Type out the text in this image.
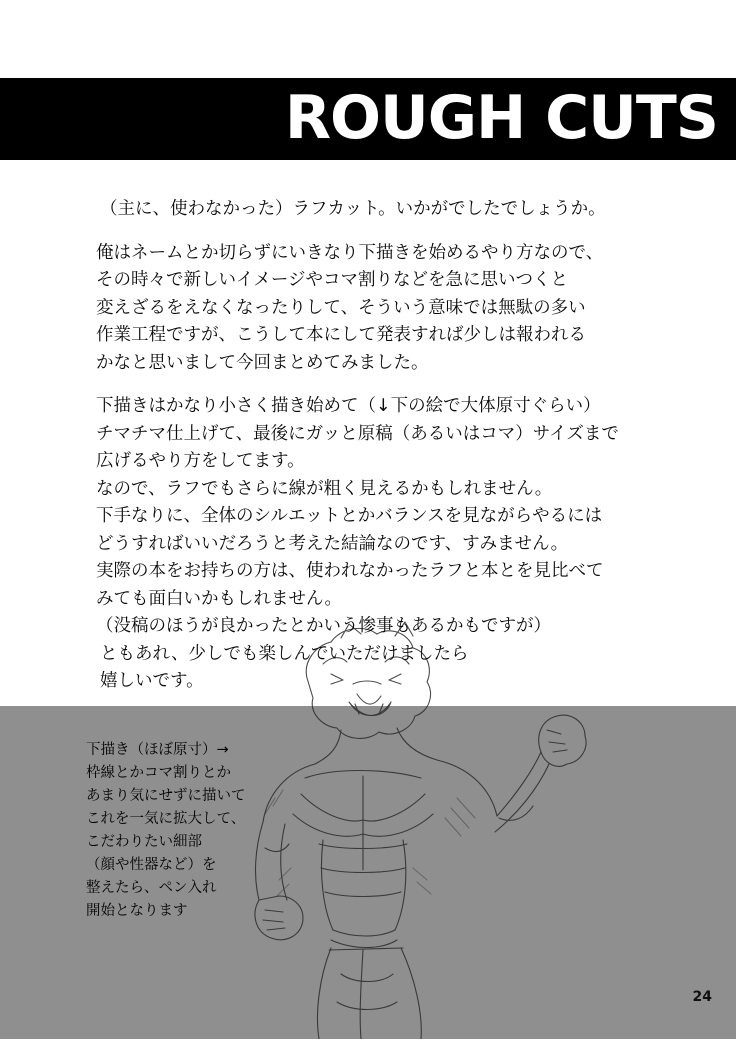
ROUGH CUTS

（主に、使わなかった）ラフカット。いかがでしたでしょうか。

俺はネームとか切らずにいきなり下描きを始めるやり方なので、
その時々で新しいイメージやコマ割りなどを急に思いつくと
変えざるをえなくなったりして、そういう意味では無駄の多い
作業工程ですが、こうして本にして発表すれば少しは報われる
かなと思いまして今回まとめてみました。

下描きはかなり小さく描き始めて（↓下の絵で大体原寸ぐらい）
チマチマ仕上げて、最後にガッと原稿（あるいはコマ）サイズまで
広げるやり方をしてます。
なので、ラフでもさらに線が粗く見えるかもしれません。
下手なりに、全体のシルエットとかバランスを見ながらやるには
どうすればいいだろうと考えた結論なのです、すみません。
実際の本をお持ちの方は、使われなかったラフと本とを見比べて
みても面白いかもしれません。
（没稿のほうが良かったとかいう惨事もあるかもですが）
ともあれ、少しでも楽しんでいただけましたら
嬉しいです。

下描き（ほぼ原寸）→
枠線とかコマ割りとか
あまり気にせずに描いて
これを一気に拡大して、
こだわりたい細部
（顔や性器など）を
整えたら、ペン入れ
開始となります
24
